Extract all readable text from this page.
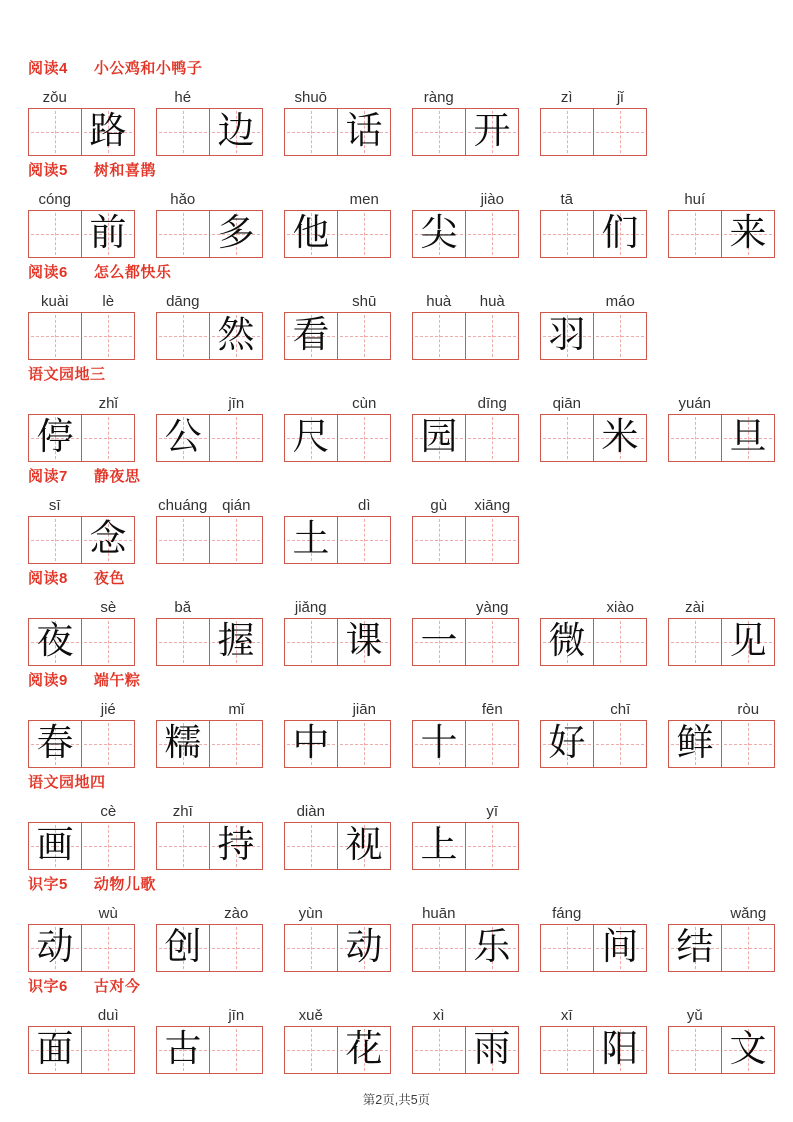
阅读4 小公鸡和小鸭子
zǒu
路
hé
边
shuō
话
ràng
开
zì	jǐ
阅读5 树和喜鹊
cóng
前
hǎo
多
men
他
jiào
尖
tā
们
huí
来
阅读6 怎么都快乐
kuài	lè	dāng
然
shū
看
huà	huà	máo
羽
语文园地三
zhǐ
停
jīn
公
cùn
尺
dīng
园
qiān
米
yuán
旦
阅读7 静夜思
sī
念
chuáng qián	dì
土
gù	xiāng
阅读8 夜色
sè
夜
bǎ
握
jiǎng
课
yàng
一
xiào
微
zài
见
阅读9 端午粽
jié
春
mǐ
糯
jiān
中
fēn
十
chī
好
ròu
鲜
语文园地四
cè
画
zhī
持
diàn
视
yī
上
识字5 动物儿歌
wù
动
zào
创
yùn
动
huān
乐
fáng
间
wǎng
结
识字6 古对今
duì
面
jīn
古
xuě
花
xì
雨
xī
阳
yǔ
文
第2页,共5页
